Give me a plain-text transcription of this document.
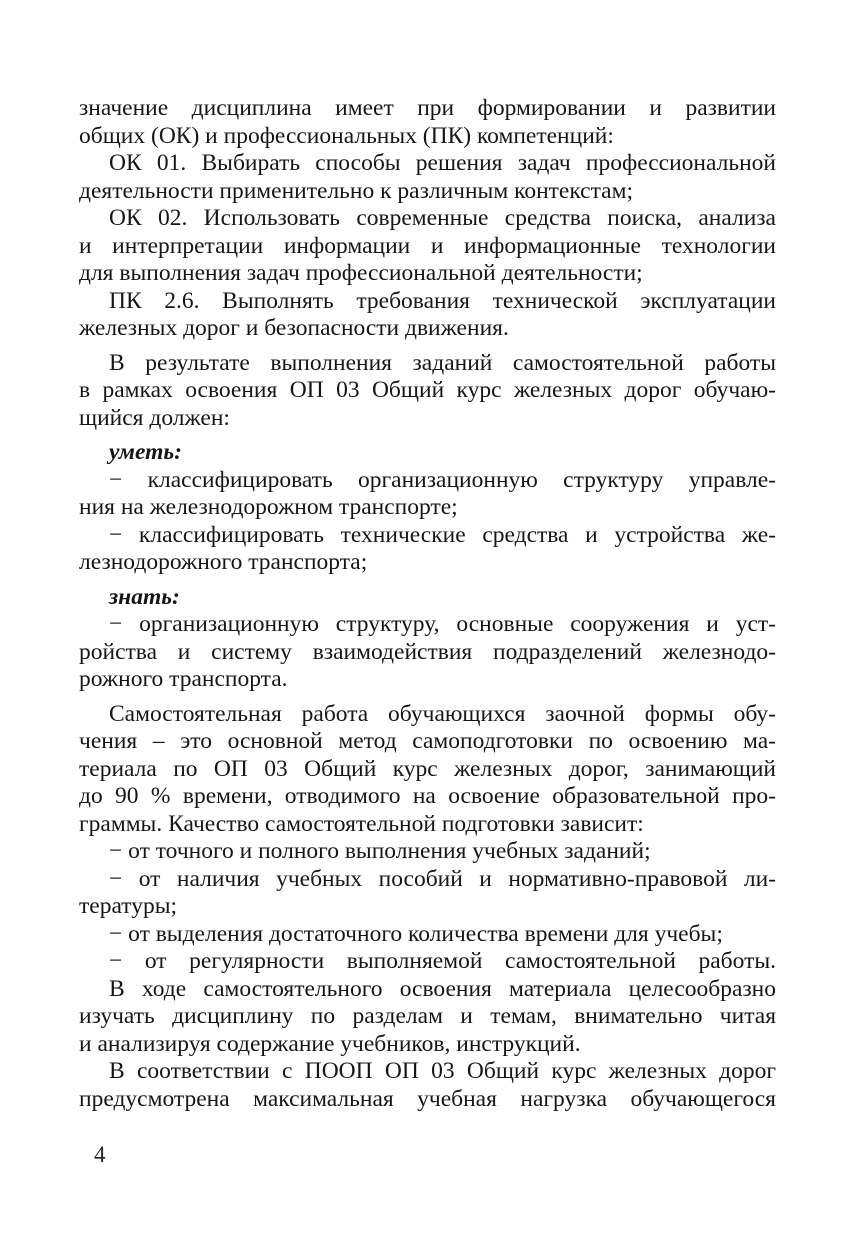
значение дисциплина имеет при формировании и развитии
общих (ОК) и профессиональных (ПК) компетенций:
ОК 01. Выбирать способы решения задач профессиональной
деятельности применительно к различным контекстам;
ОК 02. Использовать современные средства поиска, анализа
и интерпретации информации и информационные технологии
для выполнения задач профессиональной деятельности;
ПК 2.6. Выполнять требования технической эксплуатации
железных дорог и безопасности движения.
В результате выполнения заданий самостоятельной работы
в рамках освоения ОП 03 Общий курс железных дорог обучаю-
щийся должен:
уметь:
− классифицировать организационную структуру управле-
ния на железнодорожном транспорте;
− классифицировать технические средства и устройства же-
лезнодорожного транспорта;
знать:
− организационную структуру, основные сооружения и уст-
ройства и систему взаимодействия подразделений железнодо-
рожного транспорта.
Самостоятельная работа обучающихся заочной формы обу-
чения – это основной метод самоподготовки по освоению ма-
териала по ОП 03 Общий курс железных дорог, занимающий
до 90 % времени, отводимого на освоение образовательной про-
граммы. Качество самостоятельной подготовки зависит:
− от точного и полного выполнения учебных заданий;
− от наличия учебных пособий и нормативно-правовой ли-
тературы;
− от выделения достаточного количества времени для учебы;
− от регулярности выполняемой самостоятельной работы.
В ходе самостоятельного освоения материала целесообразно
изучать дисциплину по разделам и темам, внимательно читая
и анализируя содержание учебников, инструкций.
В соответствии с ПООП ОП 03 Общий курс железных дорог
предусмотрена максимальная учебная нагрузка обучающегося
4
